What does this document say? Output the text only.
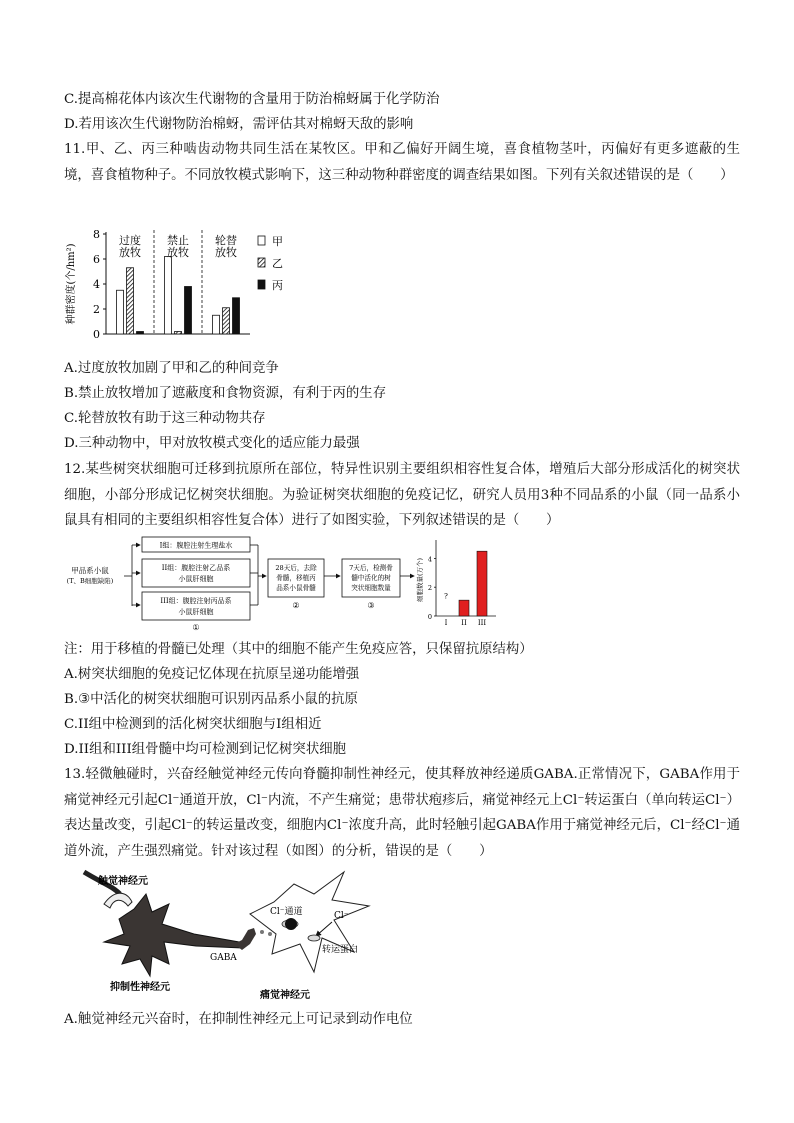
C.提高棉花体内该次生代谢物的含量用于防治棉蚜属于化学防治
D.若用该次生代谢物防治棉蚜，需评估其对棉蚜天敌的影响
11.甲、乙、丙三种啮齿动物共同生活在某牧区。甲和乙偏好开阔生境，喜食植物茎叶，丙偏好有更多遮蔽的生境，喜食植物种子。不同放牧模式影响下，这三种动物种群密度的调查结果如图。下列有关叙述错误的是（　　）
0
2
4
6
8
种群密度(个/hm²)
过度
放牧
禁止
放牧
轮替
放牧
甲
乙
丙
A.过度放牧加剧了甲和乙的种间竞争
B.禁止放牧增加了遮蔽度和食物资源，有利于丙的生存
C.轮替放牧有助于这三种动物共存
D.三种动物中，甲对放牧模式变化的适应能力最强
12.某些树突状细胞可迁移到抗原所在部位，特异性识别主要组织相容性复合体，增殖后大部分形成活化的树突状细胞，小部分形成记忆树突状细胞。为验证树突状细胞的免疫记忆，研究人员用3种不同品系的小鼠（同一品系小鼠具有相同的主要组织相容性复合体）进行了如图实验，下列叙述错误的是（　　）
甲品系小鼠
(T、B细胞缺陷)
I组：腹腔注射生理盐水
II组：腹腔注射乙品系
小鼠肝细胞
III组：腹腔注射丙品系
小鼠肝细胞
①
28天后，去除
骨髓，移植丙
品系小鼠骨髓
②
7天后，检测骨
髓中活化的树
突状细胞数量
③
0
2
4
细胞数量(万个)	?
I II III
注：用于移植的骨髓已处理（其中的细胞不能产生免疫应答，只保留抗原结构）
A.树突状细胞的免疫记忆体现在抗原呈递功能增强
B.③中活化的树突状细胞可识别丙品系小鼠的抗原
C.II组中检测到的活化树突状细胞与I组相近
D.II组和III组骨髓中均可检测到记忆树突状细胞
13.轻微触碰时，兴奋经触觉神经元传向脊髓抑制性神经元，使其释放神经递质GABA.正常情况下，GABA作用于痛觉神经元引起Cl⁻通道开放，Cl⁻内流，不产生痛觉；患带状疱疹后，痛觉神经元上Cl⁻转运蛋白（单向转运Cl⁻）表达量改变，引起Cl⁻的转运量改变，细胞内Cl⁻浓度升高，此时轻触引起GABA作用于痛觉神经元后，Cl⁻经Cl⁻通道外流，产生强烈痛觉。针对该过程（如图）的分析，错误的是（　　）
触觉神经元
抑制性神经元
GABA
Cl⁻通道	Cl⁻
转运蛋白
痛觉神经元
A.触觉神经元兴奋时，在抑制性神经元上可记录到动作电位
